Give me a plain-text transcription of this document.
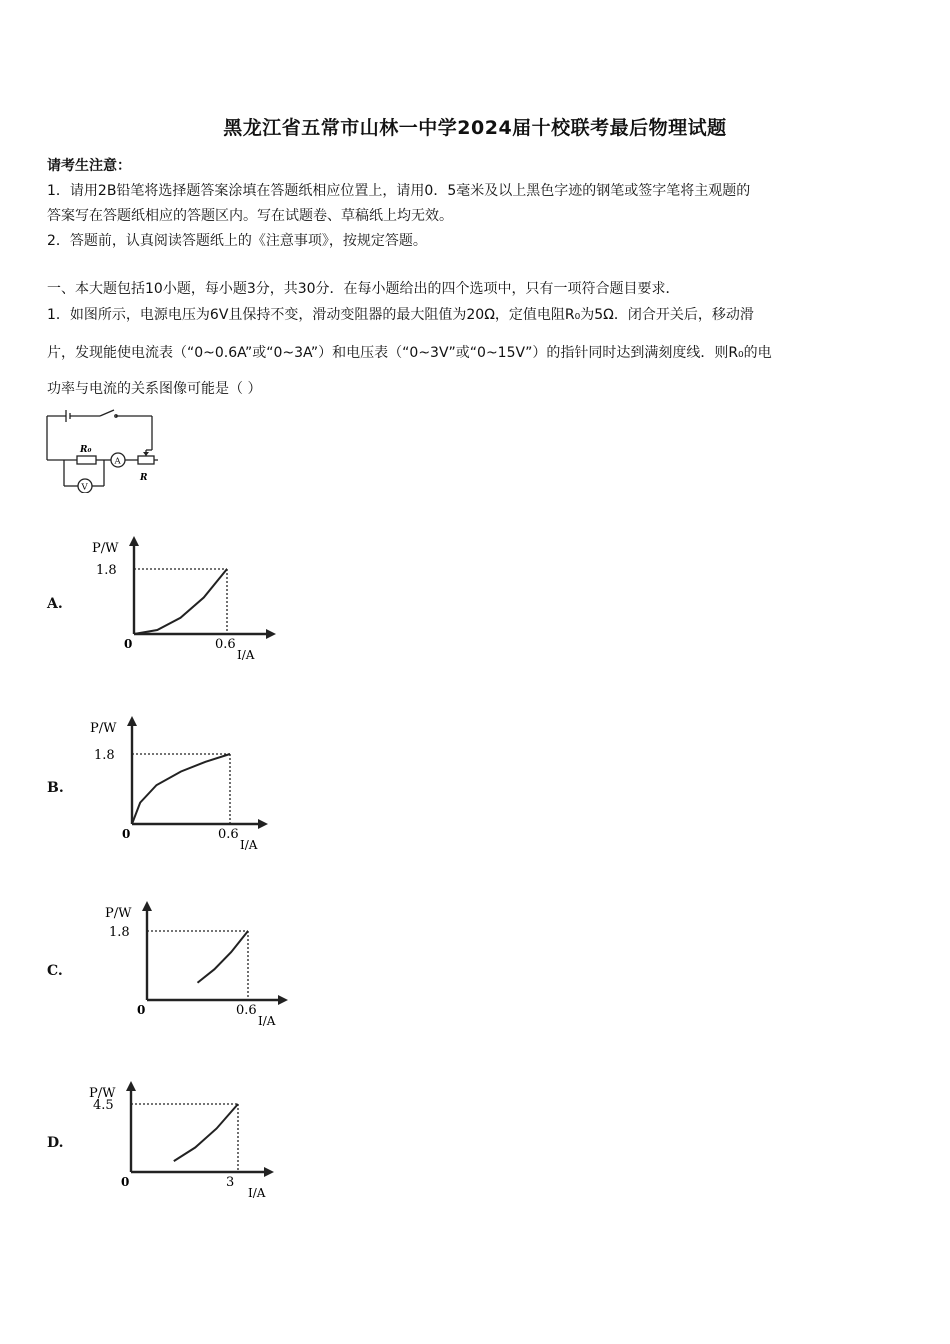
黑龙江省五常市山林一中学2024届十校联考最后物理试题
请考生注意：
1．请用2B铅笔将选择题答案涂填在答题纸相应位置上，请用0．5毫米及以上黑色字迹的钢笔或签字笔将主观题的
答案写在答题纸相应的答题区内。写在试题卷、草稿纸上均无效。
2．答题前，认真阅读答题纸上的《注意事项》，按规定答题。
一、本大题包括10小题，每小题3分，共30分．在每小题给出的四个选项中，只有一项符合题目要求．
1．如图所示，电源电压为6V且保持不变，滑动变阻器的最大阻值为20Ω，定值电阻R₀为5Ω．闭合开关后，移动滑
片，发现能使电流表（“0~0.6A”或“0~3A”）和电压表（“0~3V”或“0~15V”）的指针同时达到满刻度线．则R₀的电
功率与电流的关系图像可能是（ ）
R₀
A
V
R
A.
B.
C.
D.
P/W
1.8
0	0.6
I/A
P/W
1.8
0	0.6
I/A
P/W
1.8
0	0.6
I/A
P/W
4.5
0	3
I/A
